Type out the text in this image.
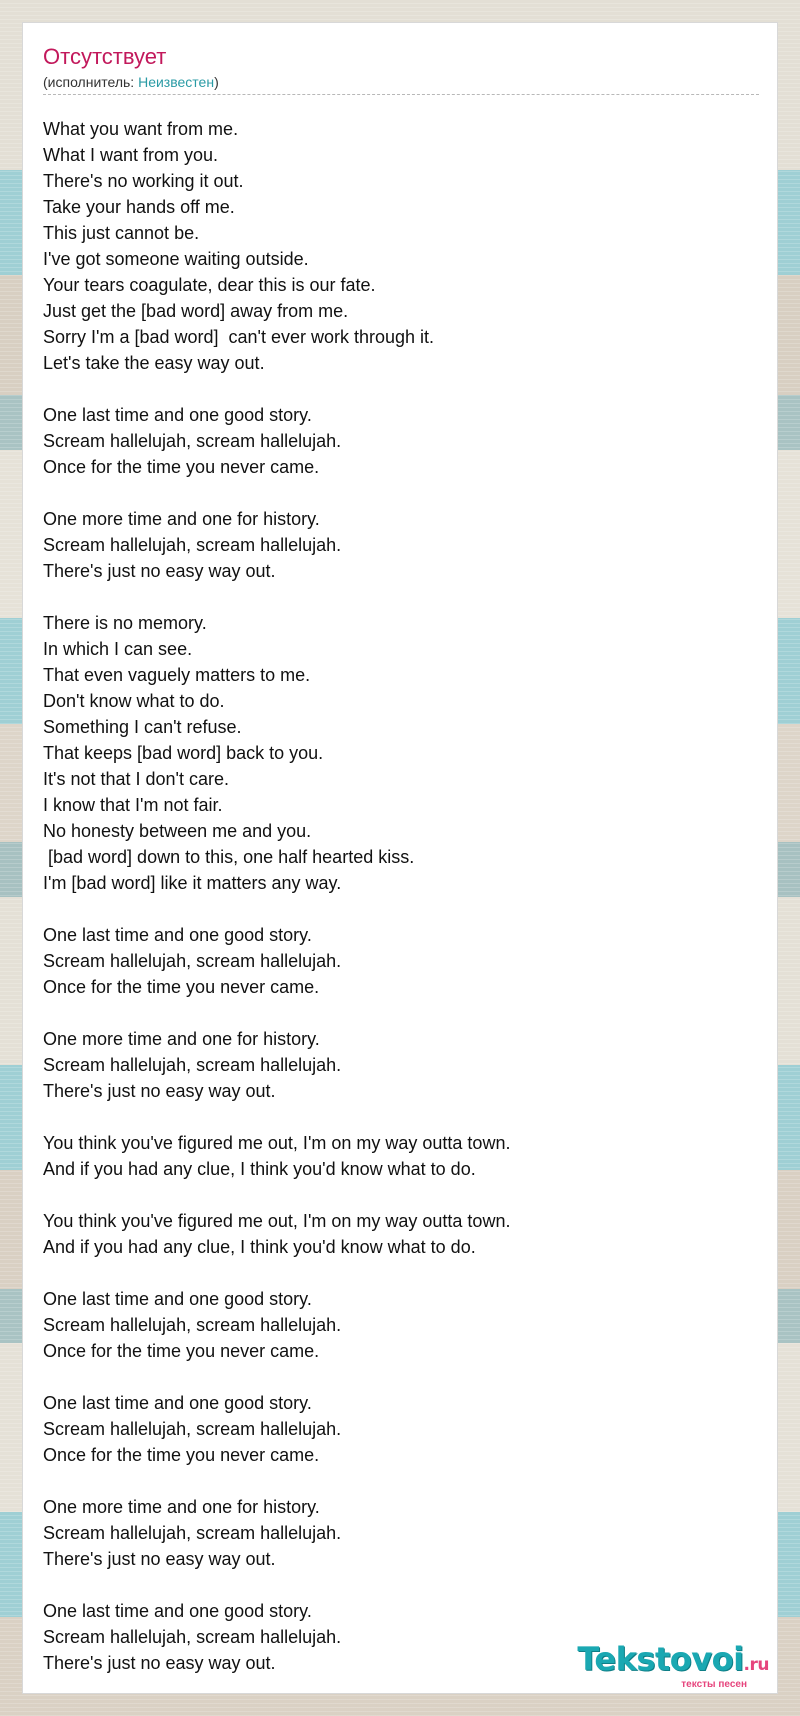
Отсутствует
(исполнитель: Неизвестен)
What you want from me.
What I want from you.
There's no working it out.
Take your hands off me.
This just cannot be.
I've got someone waiting outside.
Your tears coagulate, dear this is our fate.
Just get the [bad word] away from me.
Sorry I'm a [bad word]  can't ever work through it.
Let's take the easy way out.
One last time and one good story.
Scream hallelujah, scream hallelujah.
Once for the time you never came.
One more time and one for history.
Scream hallelujah, scream hallelujah.
There's just no easy way out.
There is no memory.
In which I can see.
That even vaguely matters to me.
Don't know what to do.
Something I can't refuse.
That keeps [bad word] back to you.
It's not that I don't care.
I know that I'm not fair.
No honesty between me and you.
[bad word] down to this, one half hearted kiss.
I'm [bad word] like it matters any way.
One last time and one good story.
Scream hallelujah, scream hallelujah.
Once for the time you never came.
One more time and one for history.
Scream hallelujah, scream hallelujah.
There's just no easy way out.
You think you've figured me out, I'm on my way outta town.
And if you had any clue, I think you'd know what to do.
You think you've figured me out, I'm on my way outta town.
And if you had any clue, I think you'd know what to do.
One last time and one good story.
Scream hallelujah, scream hallelujah.
Once for the time you never came.
One last time and one good story.
Scream hallelujah, scream hallelujah.
Once for the time you never came.
One more time and one for history.
Scream hallelujah, scream hallelujah.
There's just no easy way out.
One last time and one good story.
Scream hallelujah, scream hallelujah.
There's just no easy way out.	Tekstovoi.ru
тексты песен
